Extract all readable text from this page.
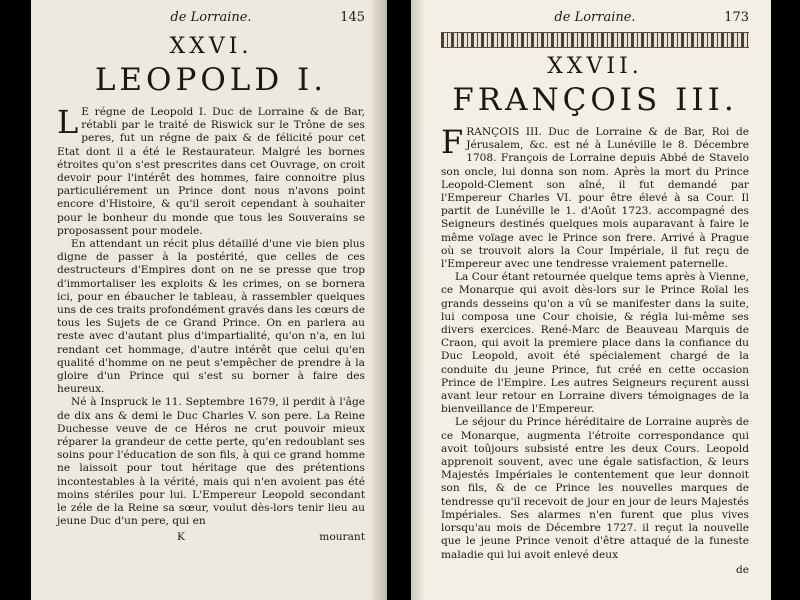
de Lorraine.	145
XXVI.
LEOPOLD I.

L E régne de Leopold I. Duc de Lorraine & de Bar, rétabli par le traité de Riswick sur le Trône de ses peres, fut un régne de paix & de félicité pour cet Etat dont il a été le Restaurateur. Malgré les bornes étroites qu'on s'est prescrites dans cet Ouvrage, on croit devoir pour l'intérêt des hommes, faire connoitre plus particuliérement un Prince dont nous n'avons point encore d'Histoire, & qu'il seroit cependant à souhaiter pour le bonheur du monde que tous les Souverains se proposassent pour modele.

En attendant un récit plus détaillé d'une vie bien plus digne de passer à la postérité, que celles de ces destructeurs d'Empires dont on ne se presse que trop d'immortaliser les exploits & les crimes, on se bornera ici, pour en ébaucher le tableau, à rassembler quelques uns de ces traits profondément gravés dans les cœurs de tous les Sujets de ce Grand Prince. On en parlera au reste avec d'autant plus d'impartialité, qu'on n'a, en lui rendant cet hommage, d'autre intérêt que celui qu'en qualité d'homme on ne peut s'empêcher de prendre à la gloire d'un Prince qui s'est su borner à faire des heureux.

Né à Inspruck le 11. Septembre 1679, il perdit à l'âge de dix ans & demi le Duc Charles V. son pere. La Reine Duchesse veuve de ce Héros ne crut pouvoir mieux réparer la grandeur de cette perte, qu'en redoublant ses soins pour l'éducation de son fils, à qui ce grand homme ne laissoit pour tout héritage que des prétentions incontestables à la vérité, mais qui n'en avoient pas été moins stériles pour lui. L'Empereur Leopold secondant le zéle de la Reine sa sœur, voulut dès-lors tenir lieu au jeune Duc d'un pere, qui en

K	mourant
de Lorraine.	173
XXVII.
FRANÇOIS III.

FRANÇOIS III. Duc de Lorraine & de Bar, Roi de Jérusalem, &c. est né à Lunéville le 8. Décembre 1708. François de Lorraine depuis Abbé de Stavelo son oncle, lui donna son nom. Après la mort du Prince Leopold-Clement son aîné, il fut demandé par l'Empereur Charles VI. pour être élevé à sa Cour. Il partit de Lunéville le 1. d'Août 1723. accompagné des Seigneurs destinés quelques mois auparavant à faire le même voïage avec le Prince son frere. Arrivé à Prague où se trouvoit alors la Cour Impériale, il fut reçu de l'Empereur avec une tendresse vraiement paternelle.

La Cour étant retournée quelque tems après à Vienne, ce Monarque qui avoit dès-lors sur le Prince Roïal les grands desseins qu'on a vû se manifester dans la suite, lui composa une Cour choisie, & régla lui-même ses divers exercices. René-Marc de Beauveau Marquis de Craon, qui avoit la premiere place dans la confiance du Duc Leopold, avoit été spécialement chargé de la conduite du jeune Prince, fut créé en cette occasion Prince de l'Empire. Les autres Seigneurs reçurent aussi avant leur retour en Lorraine divers témoignages de la bienveillance de l'Empereur.

Le séjour du Prince héréditaire de Lorraine auprès de ce Monarque, augmenta l'étroite correspondance qui avoit toûjours subsisté entre les deux Cours. Leopold apprenoit souvent, avec une égale satisfaction, & leurs Majestés Impériales le contentement que leur donnoit son fils, & de ce Prince les nouvelles marques de tendresse qu'il recevoit de jour en jour de leurs Majestés Impériales. Ses alarmes n'en furent que plus vives lorsqu'au mois de Décembre 1727. il reçut la nouvelle que le jeune Prince venoit d'être attaqué de la funeste maladie qui lui avoit enlevé deux

de
